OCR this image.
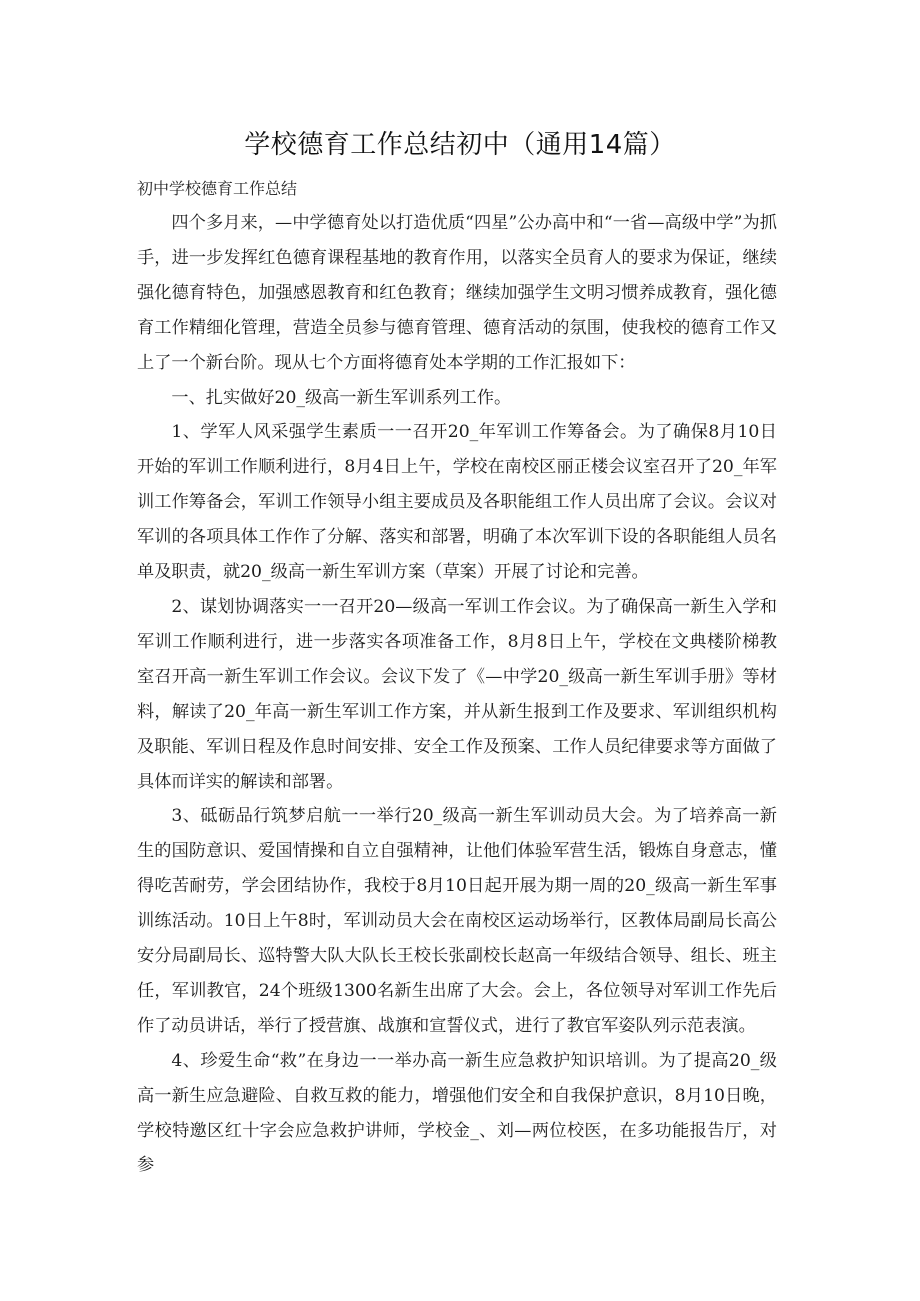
学校德育工作总结初中（通用14篇）
初中学校德育工作总结

四个多月来，—中学德育处以打造优质“四星”公办高中和“一省—高级中学”为抓手，进一步发挥红色德育课程基地的教育作用，以落实全员育人的要求为保证，继续强化德育特色，加强感恩教育和红色教育；继续加强学生文明习惯养成教育，强化德育工作精细化管理，营造全员参与德育管理、德育活动的氛围，使我校的德育工作又上了一个新台阶。现从七个方面将德育处本学期的工作汇报如下：

一、扎实做好20_级高一新生军训系列工作。

1、学军人风采强学生素质一一召开20_年军训工作筹备会。为了确保8月10日开始的军训工作顺利进行，8月4日上午，学校在南校区丽正楼会议室召开了20_年军训工作筹备会，军训工作领导小组主要成员及各职能组工作人员出席了会议。会议对军训的各项具体工作作了分解、落实和部署，明确了本次军训下设的各职能组人员名单及职责，就20_级高一新生军训方案（草案）开展了讨论和完善。

2、谋划协调落实一一召开20—级高一军训工作会议。为了确保高一新生入学和军训工作顺利进行，进一步落实各项准备工作，8月8日上午，学校在文典楼阶梯教室召开高一新生军训工作会议。会议下发了《—中学20_级高一新生军训手册》等材料，解读了20_年高一新生军训工作方案，并从新生报到工作及要求、军训组织机构及职能、军训日程及作息时间安排、安全工作及预案、工作人员纪律要求等方面做了具体而详实的解读和部署。

3、砥砺品行筑梦启航一一举行20_级高一新生军训动员大会。为了培养高一新生的国防意识、爱国情操和自立自强精神，让他们体验军营生活，锻炼自身意志，懂得吃苦耐劳，学会团结协作，我校于8月10日起开展为期一周的20_级高一新生军事训练活动。10日上午8时，军训动员大会在南校区运动场举行，区教体局副局长高公安分局副局长、巡特警大队大队长王校长张副校长赵高一年级结合领导、组长、班主任，军训教官，24个班级1300名新生出席了大会。会上，各位领导对军训工作先后作了动员讲话，举行了授营旗、战旗和宣誓仪式，进行了教官军姿队列示范表演。

4、珍爱生命“救”在身边一一举办高一新生应急救护知识培训。为了提高20_级高一新生应急避险、自救互救的能力，增强他们安全和自我保护意识，8月10日晚，学校特邀区红十字会应急救护讲师，学校金_、刘—两位校医，在多功能报告厅，对参
